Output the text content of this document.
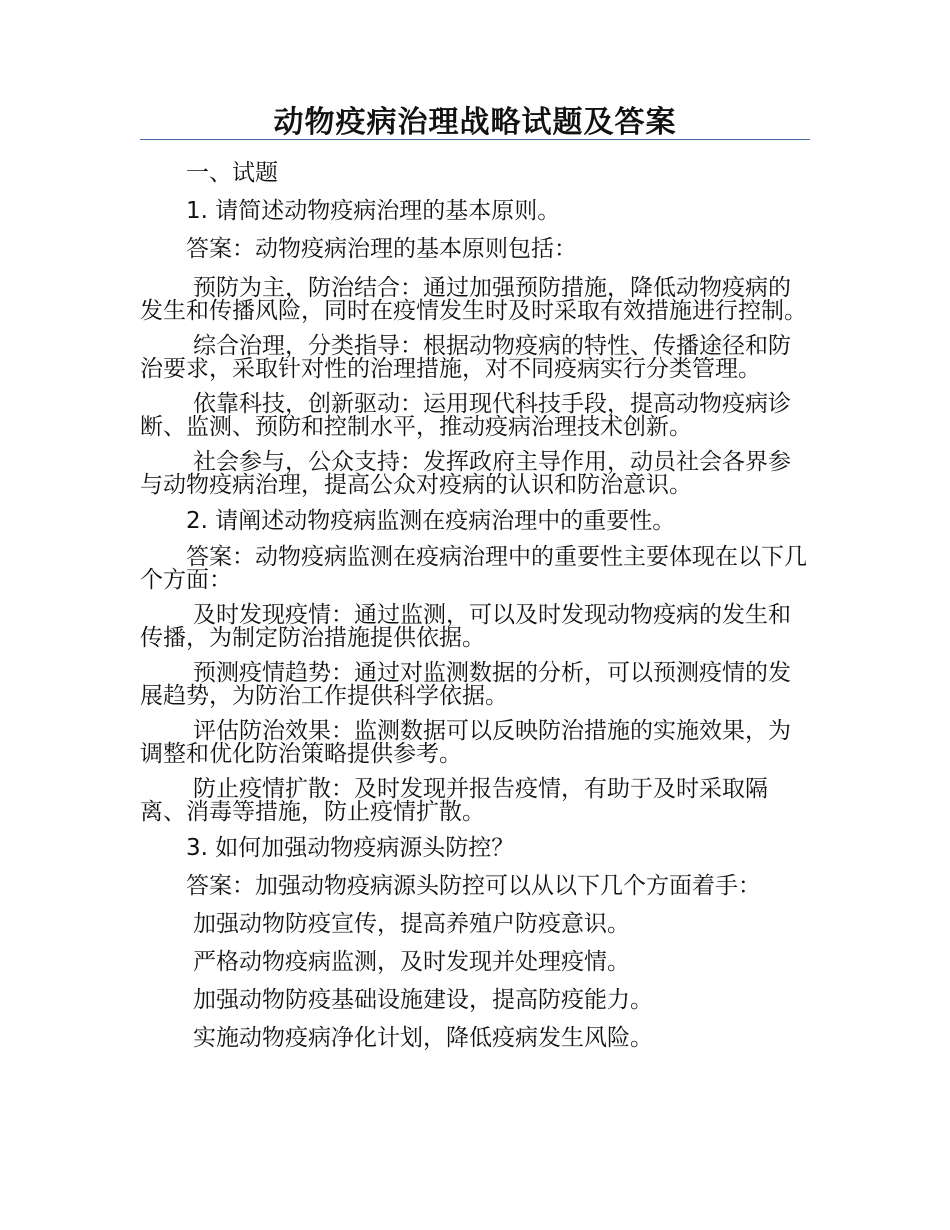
动物疫病治理战略试题及答案

一、试题

1. 请简述动物疫病治理的基本原则。

答案：动物疫病治理的基本原则包括：

预防为主，防治结合：通过加强预防措施，降低动物疫病的发生和传播风险，同时在疫情发生时及时采取有效措施进行控制。

综合治理，分类指导：根据动物疫病的特性、传播途径和防治要求，采取针对性的治理措施，对不同疫病实行分类管理。

依靠科技，创新驱动：运用现代科技手段，提高动物疫病诊断、监测、预防和控制水平，推动疫病治理技术创新。

社会参与，公众支持：发挥政府主导作用，动员社会各界参与动物疫病治理，提高公众对疫病的认识和防治意识。

2. 请阐述动物疫病监测在疫病治理中的重要性。

答案：动物疫病监测在疫病治理中的重要性主要体现在以下几个方面：

及时发现疫情：通过监测，可以及时发现动物疫病的发生和传播，为制定防治措施提供依据。

预测疫情趋势：通过对监测数据的分析，可以预测疫情的发展趋势，为防治工作提供科学依据。

评估防治效果：监测数据可以反映防治措施的实施效果，为调整和优化防治策略提供参考。

防止疫情扩散：及时发现并报告疫情，有助于及时采取隔离、消毒等措施，防止疫情扩散。

3. 如何加强动物疫病源头防控？

答案：加强动物疫病源头防控可以从以下几个方面着手：

加强动物防疫宣传，提高养殖户防疫意识。

严格动物疫病监测，及时发现并处理疫情。

加强动物防疫基础设施建设，提高防疫能力。

实施动物疫病净化计划，降低疫病发生风险。
